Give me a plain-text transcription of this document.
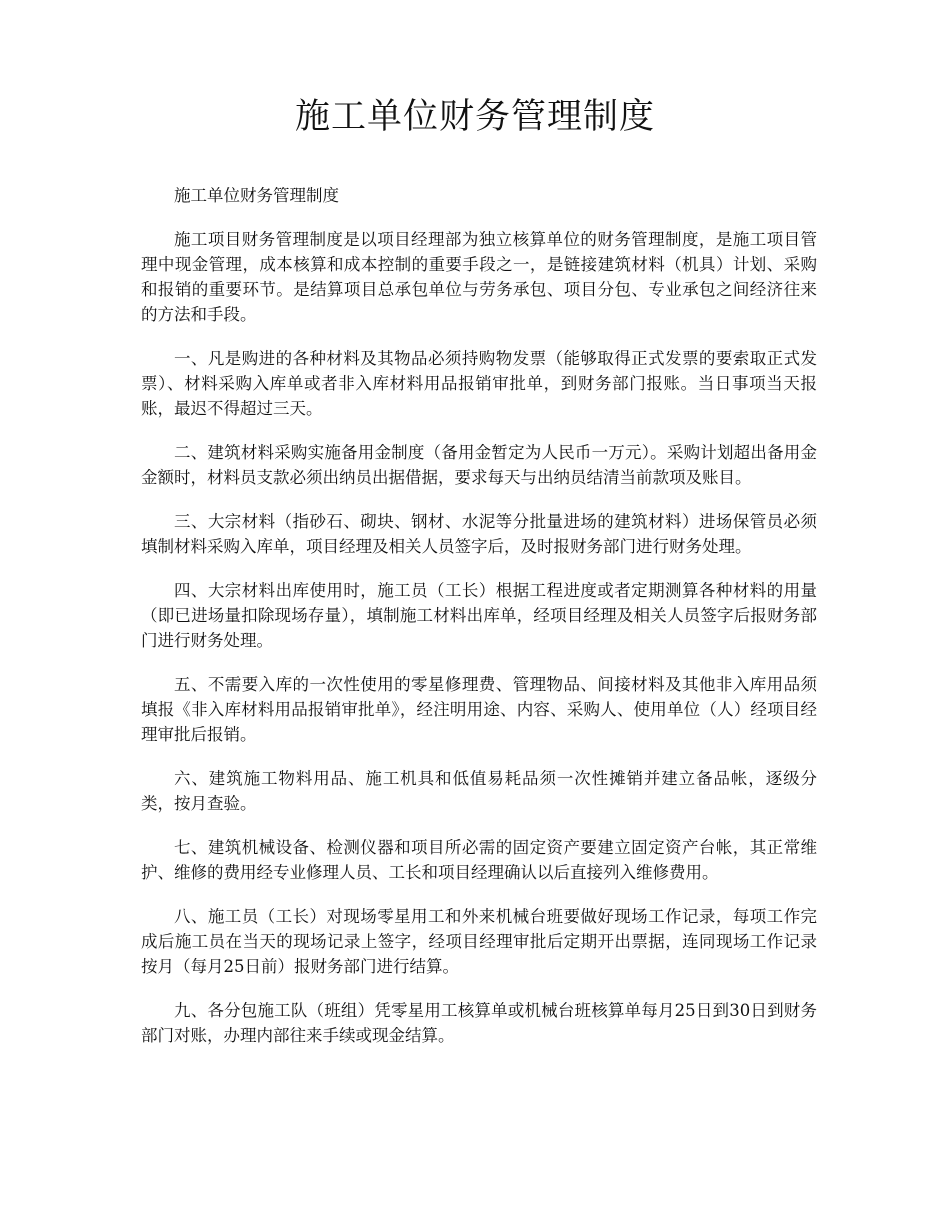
施工单位财务管理制度

施工单位财务管理制度

施工项目财务管理制度是以项目经理部为独立核算单位的财务管理制度，是施工项目管理中现金管理，成本核算和成本控制的重要手段之一，是链接建筑材料（机具）计划、采购和报销的重要环节。是结算项目总承包单位与劳务承包、项目分包、专业承包之间经济往来的方法和手段。

一、凡是购进的各种材料及其物品必须持购物发票（能够取得正式发票的要索取正式发票）、材料采购入库单或者非入库材料用品报销审批单，到财务部门报账。当日事项当天报账，最迟不得超过三天。

二、建筑材料采购实施备用金制度（备用金暂定为人民币一万元）。采购计划超出备用金金额时，材料员支款必须出纳员出据借据，要求每天与出纳员结清当前款项及账目。

三、大宗材料（指砂石、砌块、钢材、水泥等分批量进场的建筑材料）进场保管员必须填制材料采购入库单，项目经理及相关人员签字后，及时报财务部门进行财务处理。

四、大宗材料出库使用时，施工员（工长）根据工程进度或者定期测算各种材料的用量（即已进场量扣除现场存量），填制施工材料出库单，经项目经理及相关人员签字后报财务部门进行财务处理。

五、不需要入库的一次性使用的零星修理费、管理物品、间接材料及其他非入库用品须填报《非入库材料用品报销审批单》，经注明用途、内容、采购人、使用单位（人）经项目经理审批后报销。

六、建筑施工物料用品、施工机具和低值易耗品须一次性摊销并建立备品帐，逐级分类，按月查验。

七、建筑机械设备、检测仪器和项目所必需的固定资产要建立固定资产台帐，其正常维护、维修的费用经专业修理人员、工长和项目经理确认以后直接列入维修费用。

八、施工员（工长）对现场零星用工和外来机械台班要做好现场工作记录，每项工作完成后施工员在当天的现场记录上签字，经项目经理审批后定期开出票据，连同现场工作记录按月（每月25日前）报财务部门进行结算。

九、各分包施工队（班组）凭零星用工核算单或机械台班核算单每月25日到30日到财务部门对账，办理内部往来手续或现金结算。
